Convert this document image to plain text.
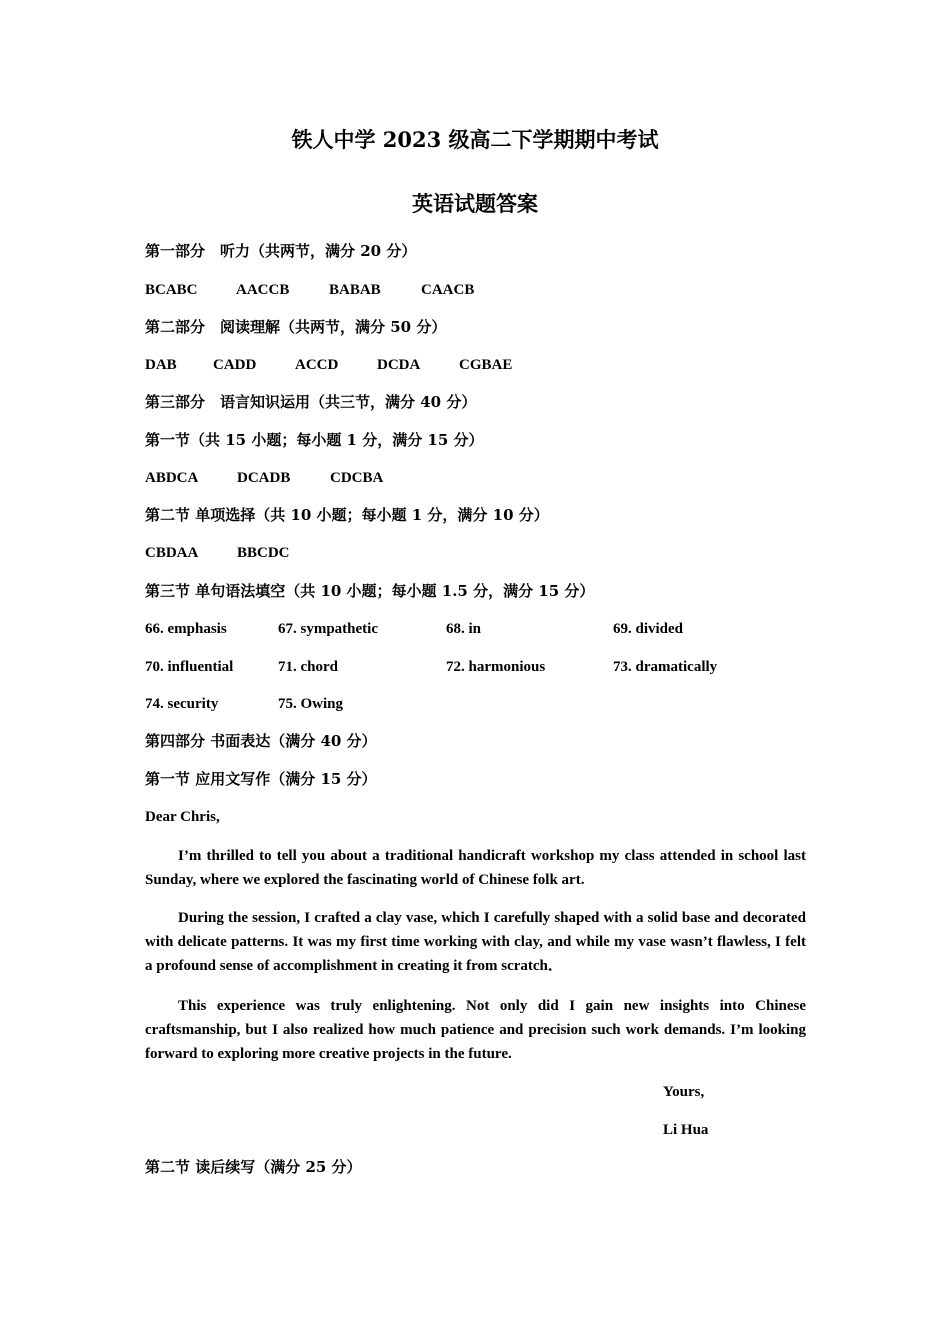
铁人中学 2023 级高二下学期期中考试
英语试题答案
第一部分　听力（共两节，满分 20 分）
BCABC	AACCB	BABAB	CAACB
第二部分　阅读理解（共两节，满分 50 分）
DAB CADD	ACCD	DCDA	CGBAE
第三部分　语言知识运用（共三节，满分 40 分）
第一节（共 15 小题；每小题 1 分，满分 15 分）
ABDCA	DCADB	CDCBA
第二节 单项选择（共 10 小题；每小题 1 分，满分 10 分）
CBDAA	BBCDC
第三节 单句语法填空（共 10 小题；每小题 1.5 分，满分 15 分）
66. emphasis	67. sympathetic	68. in	69. divided
70. influential	71. chord	72. harmonious	73. dramatically
74. security	75. Owing
第四部分 书面表达（满分 40 分）
第一节 应用文写作（满分 15 分）
Dear Chris,
I’m thrilled to tell you about a traditional handicraft workshop my class attended in school last Sunday, where we explored the fascinating world of Chinese folk art.
During the session, I crafted a clay vase, which I carefully shaped with a solid base and decorated with delicate patterns. It was my first time working with clay, and while my vase wasn’t flawless, I felt a profound sense of accomplishment in creating it from scratch．
This experience was truly enlightening. Not only did I gain new insights into Chinese craftsmanship, but I also realized how much patience and precision such work demands. I’m looking forward to exploring more creative projects in the future.
Yours,
Li Hua
第二节 读后续写（满分 25 分）
